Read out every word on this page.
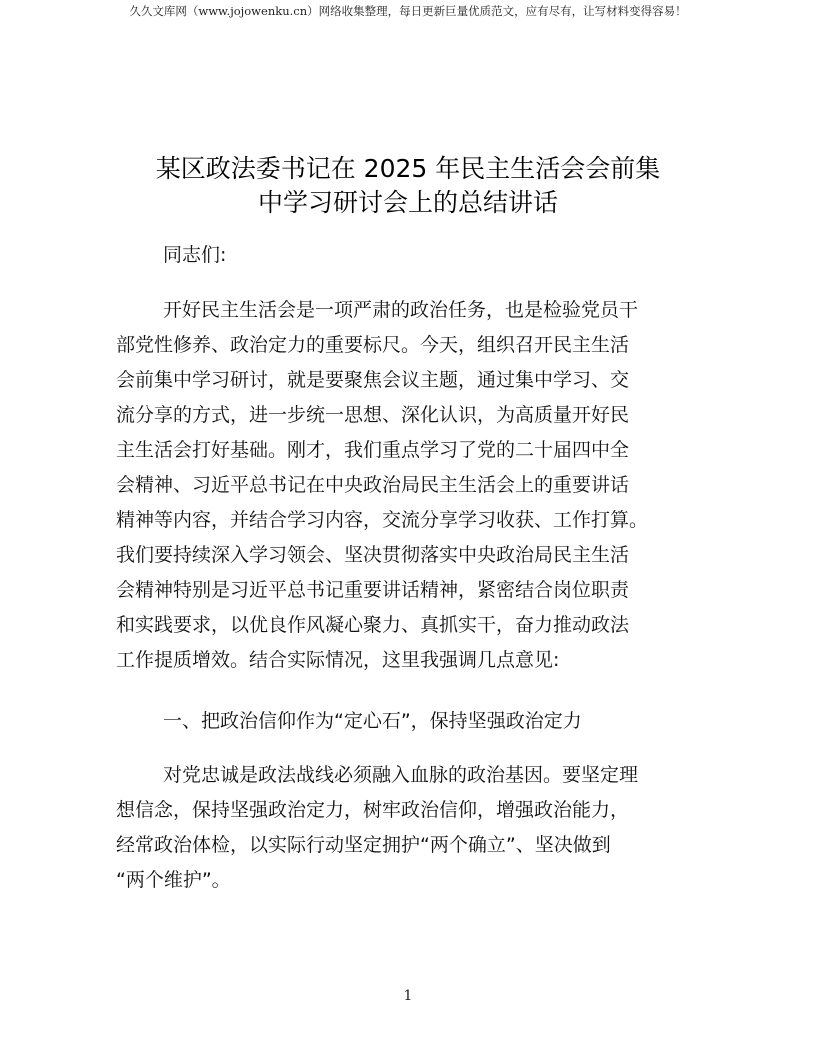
久久文库网（www.jojowenku.cn）网络收集整理，每日更新巨量优质范文，应有尽有，让写材料变得容易！
某区政法委书记在 2025 年民主生活会会前集
中学习研讨会上的总结讲话
同志们:
开好民主生活会是一项严肃的政治任务，也是检验党员干
部党性修养、政治定力的重要标尺。今天，组织召开民主生活
会前集中学习研讨，就是要聚焦会议主题，通过集中学习、交
流分享的方式，进一步统一思想、深化认识，为高质量开好民
主生活会打好基础。刚才，我们重点学习了党的二十届四中全
会精神、习近平总书记在中央政治局民主生活会上的重要讲话
精神等内容，并结合学习内容，交流分享学习收获、工作打算。
我们要持续深入学习领会、坚决贯彻落实中央政治局民主生活
会精神特别是习近平总书记重要讲话精神，紧密结合岗位职责
和实践要求，以优良作风凝心聚力、真抓实干，奋力推动政法
工作提质增效。结合实际情况，这里我强调几点意见:
一、把政治信仰作为“定心石”，保持坚强政治定力
对党忠诚是政法战线必须融入血脉的政治基因。要坚定理
想信念，保持坚强政治定力，树牢政治信仰，增强政治能力，
经常政治体检，以实际行动坚定拥护“两个确立”、坚决做到
“两个维护”。
1
